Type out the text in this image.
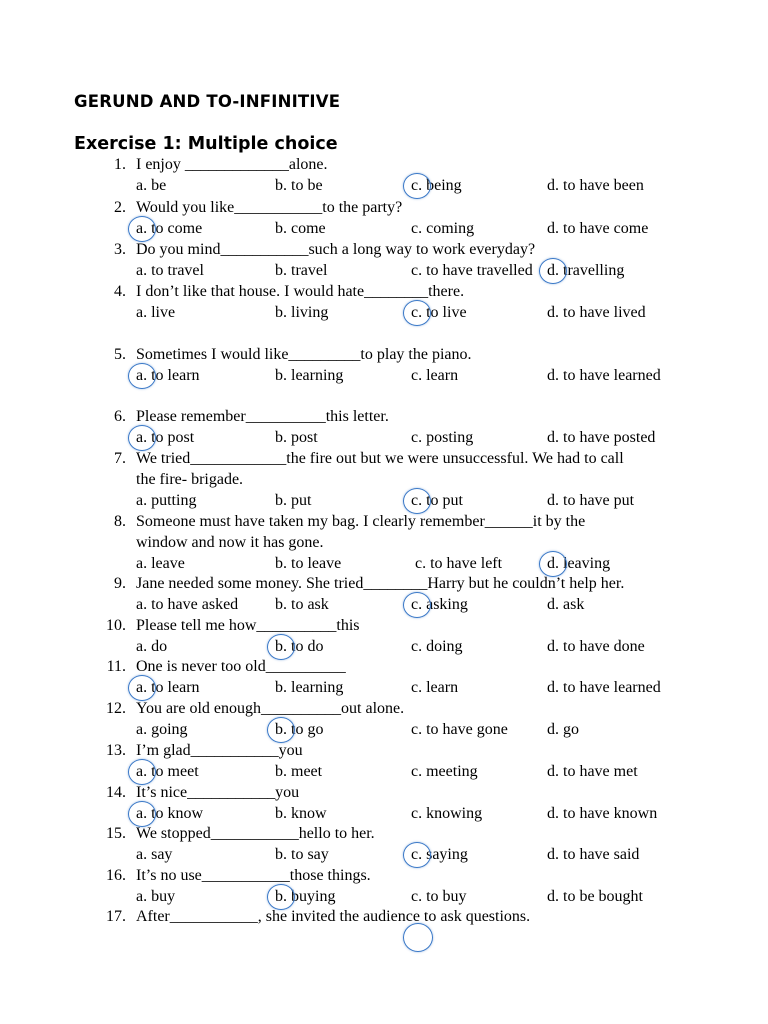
GERUND AND TO-INFINITIVE
Exercise 1: Multiple choice
1. I enjoy _____________alone.
a. be	b. to be	c. being	d. to have been
2. Would you like___________to the party?
a. to come	b. come	c. coming	d. to have come
3. Do you mind___________such a long way to work everyday?
a. to travel	b. travel	c. to have travelled d. travelling
4. I don’t like that house. I would hate________there.
a. live	b. living	c. to live	d. to have lived
5. Sometimes I would like_________to play the piano.
a. to learn	b. learning	c. learn	d. to have learned
6. Please remember__________this letter.
a. to post	b. post	c. posting	d. to have posted
7. We tried____________the fire out but we were unsuccessful. We had to call
the fire- brigade.
a. putting	b. put	c. to put	d. to have put
8. Someone must have taken my bag. I clearly remember______it by the
window and now it has gone.
a. leave	b. to leave	c. to have left	d. leaving
9. Jane needed some money. She tried________Harry but he couldn’t help her.
a. to have asked b. to ask	c. asking	d. ask
10. Please tell me how__________this
a. do	b. to do	c. doing	d. to have done
11. One is never too old__________
a. to learn	b. learning	c. learn	d. to have learned
12. You are old enough__________out alone.
a. going	b. to go	c. to have gone d. go
13. I’m glad___________you
a. to meet	b. meet	c. meeting	d. to have met
14. It’s nice___________you
a. to know	b. know	c. knowing	d. to have known
15. We stopped___________hello to her.
a. say	b. to say	c. saying	d. to have said
16. It’s no use___________those things.
a. buy	b. buying	c. to buy	d. to be bought
17. After___________, she invited the audience to ask questions.
